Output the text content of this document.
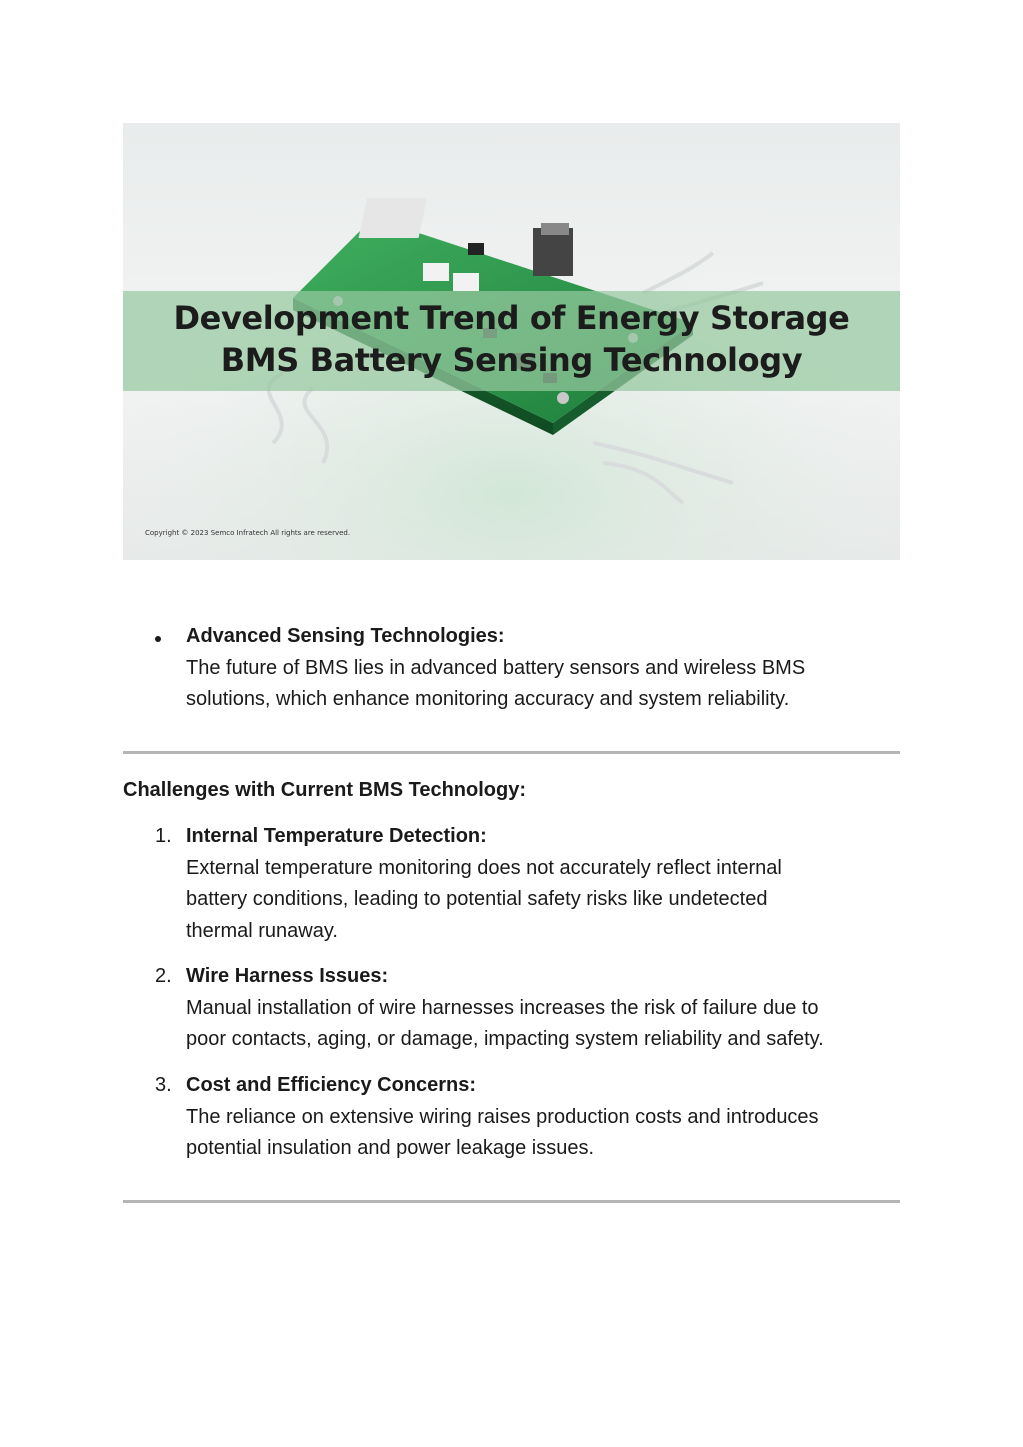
Development Trend of Energy Storage
BMS Battery Sensing Technology
Copyright © 2023 Semco Infratech All rights are reserved.
Advanced Sensing Technologies:
The future of BMS lies in advanced battery sensors and wireless BMS
solutions, which enhance monitoring accuracy and system reliability.
Challenges with Current BMS Technology:
1. Internal Temperature Detection:
External temperature monitoring does not accurately reflect internal
battery conditions, leading to potential safety risks like undetected
thermal runaway.
2. Wire Harness Issues:
Manual installation of wire harnesses increases the risk of failure due to
poor contacts, aging, or damage, impacting system reliability and safety.
3. Cost and Efficiency Concerns:
The reliance on extensive wiring raises production costs and introduces
potential insulation and power leakage issues.
